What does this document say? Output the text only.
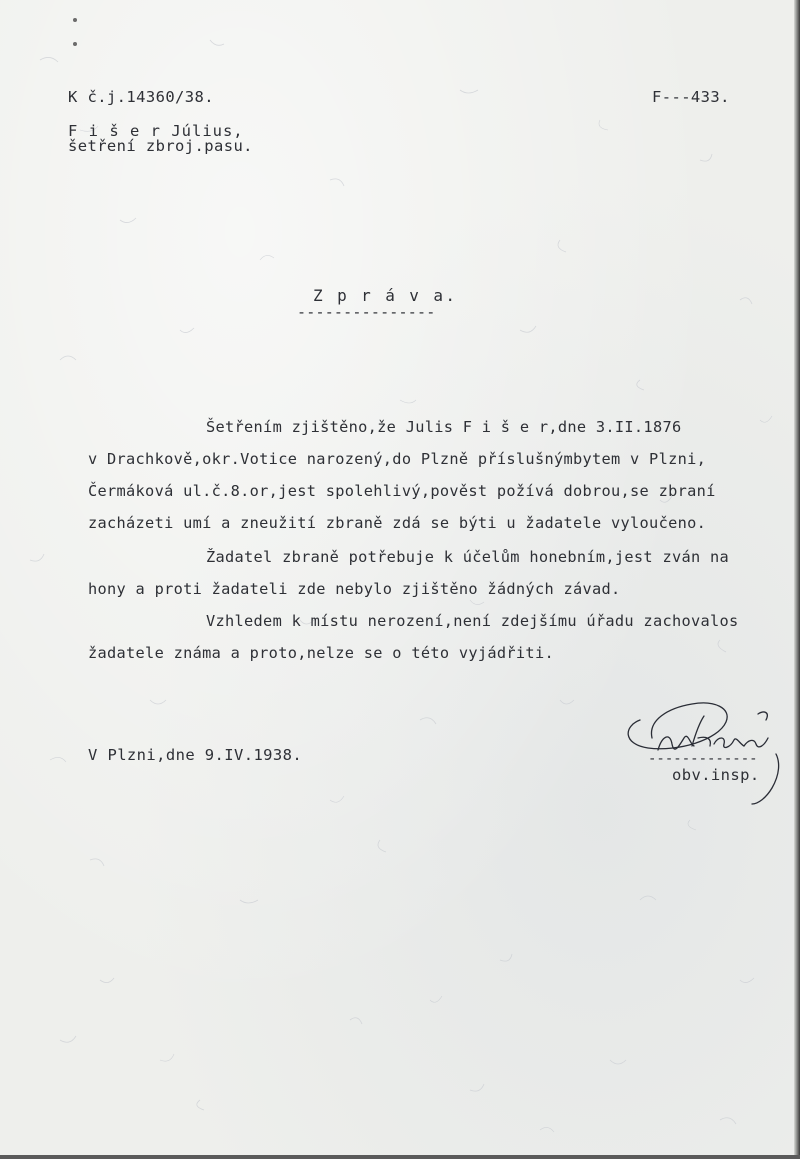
K č.j.14360/38.	F---433.
F i š e r Július,
šetření zbroj.pasu.
Z p r á v a.
---------------
Šetřením zjištěno,že Julis F i š e r,dne 3.II.1876
v Drachkově,okr.Votice narozený,do Plzně příslušnýmbytem v Plzni,
Čermáková ul.č.8.or,jest spolehlivý,pověst požívá dobrou,se zbraní
zacházeti umí a zneužití zbraně zdá se býti u žadatele vyloučeno.
Žadatel zbraně potřebuje k účelům honebním,jest zván na
hony a proti žadateli zde nebylo zjištěno žádných závad.
Vzhledem k místu nerození,není zdejšímu úřadu zachovalos
žadatele známa a proto,nelze se o této vyjádřiti.
V Plzni,dne 9.IV.1938.	-------------
obv.insp.
